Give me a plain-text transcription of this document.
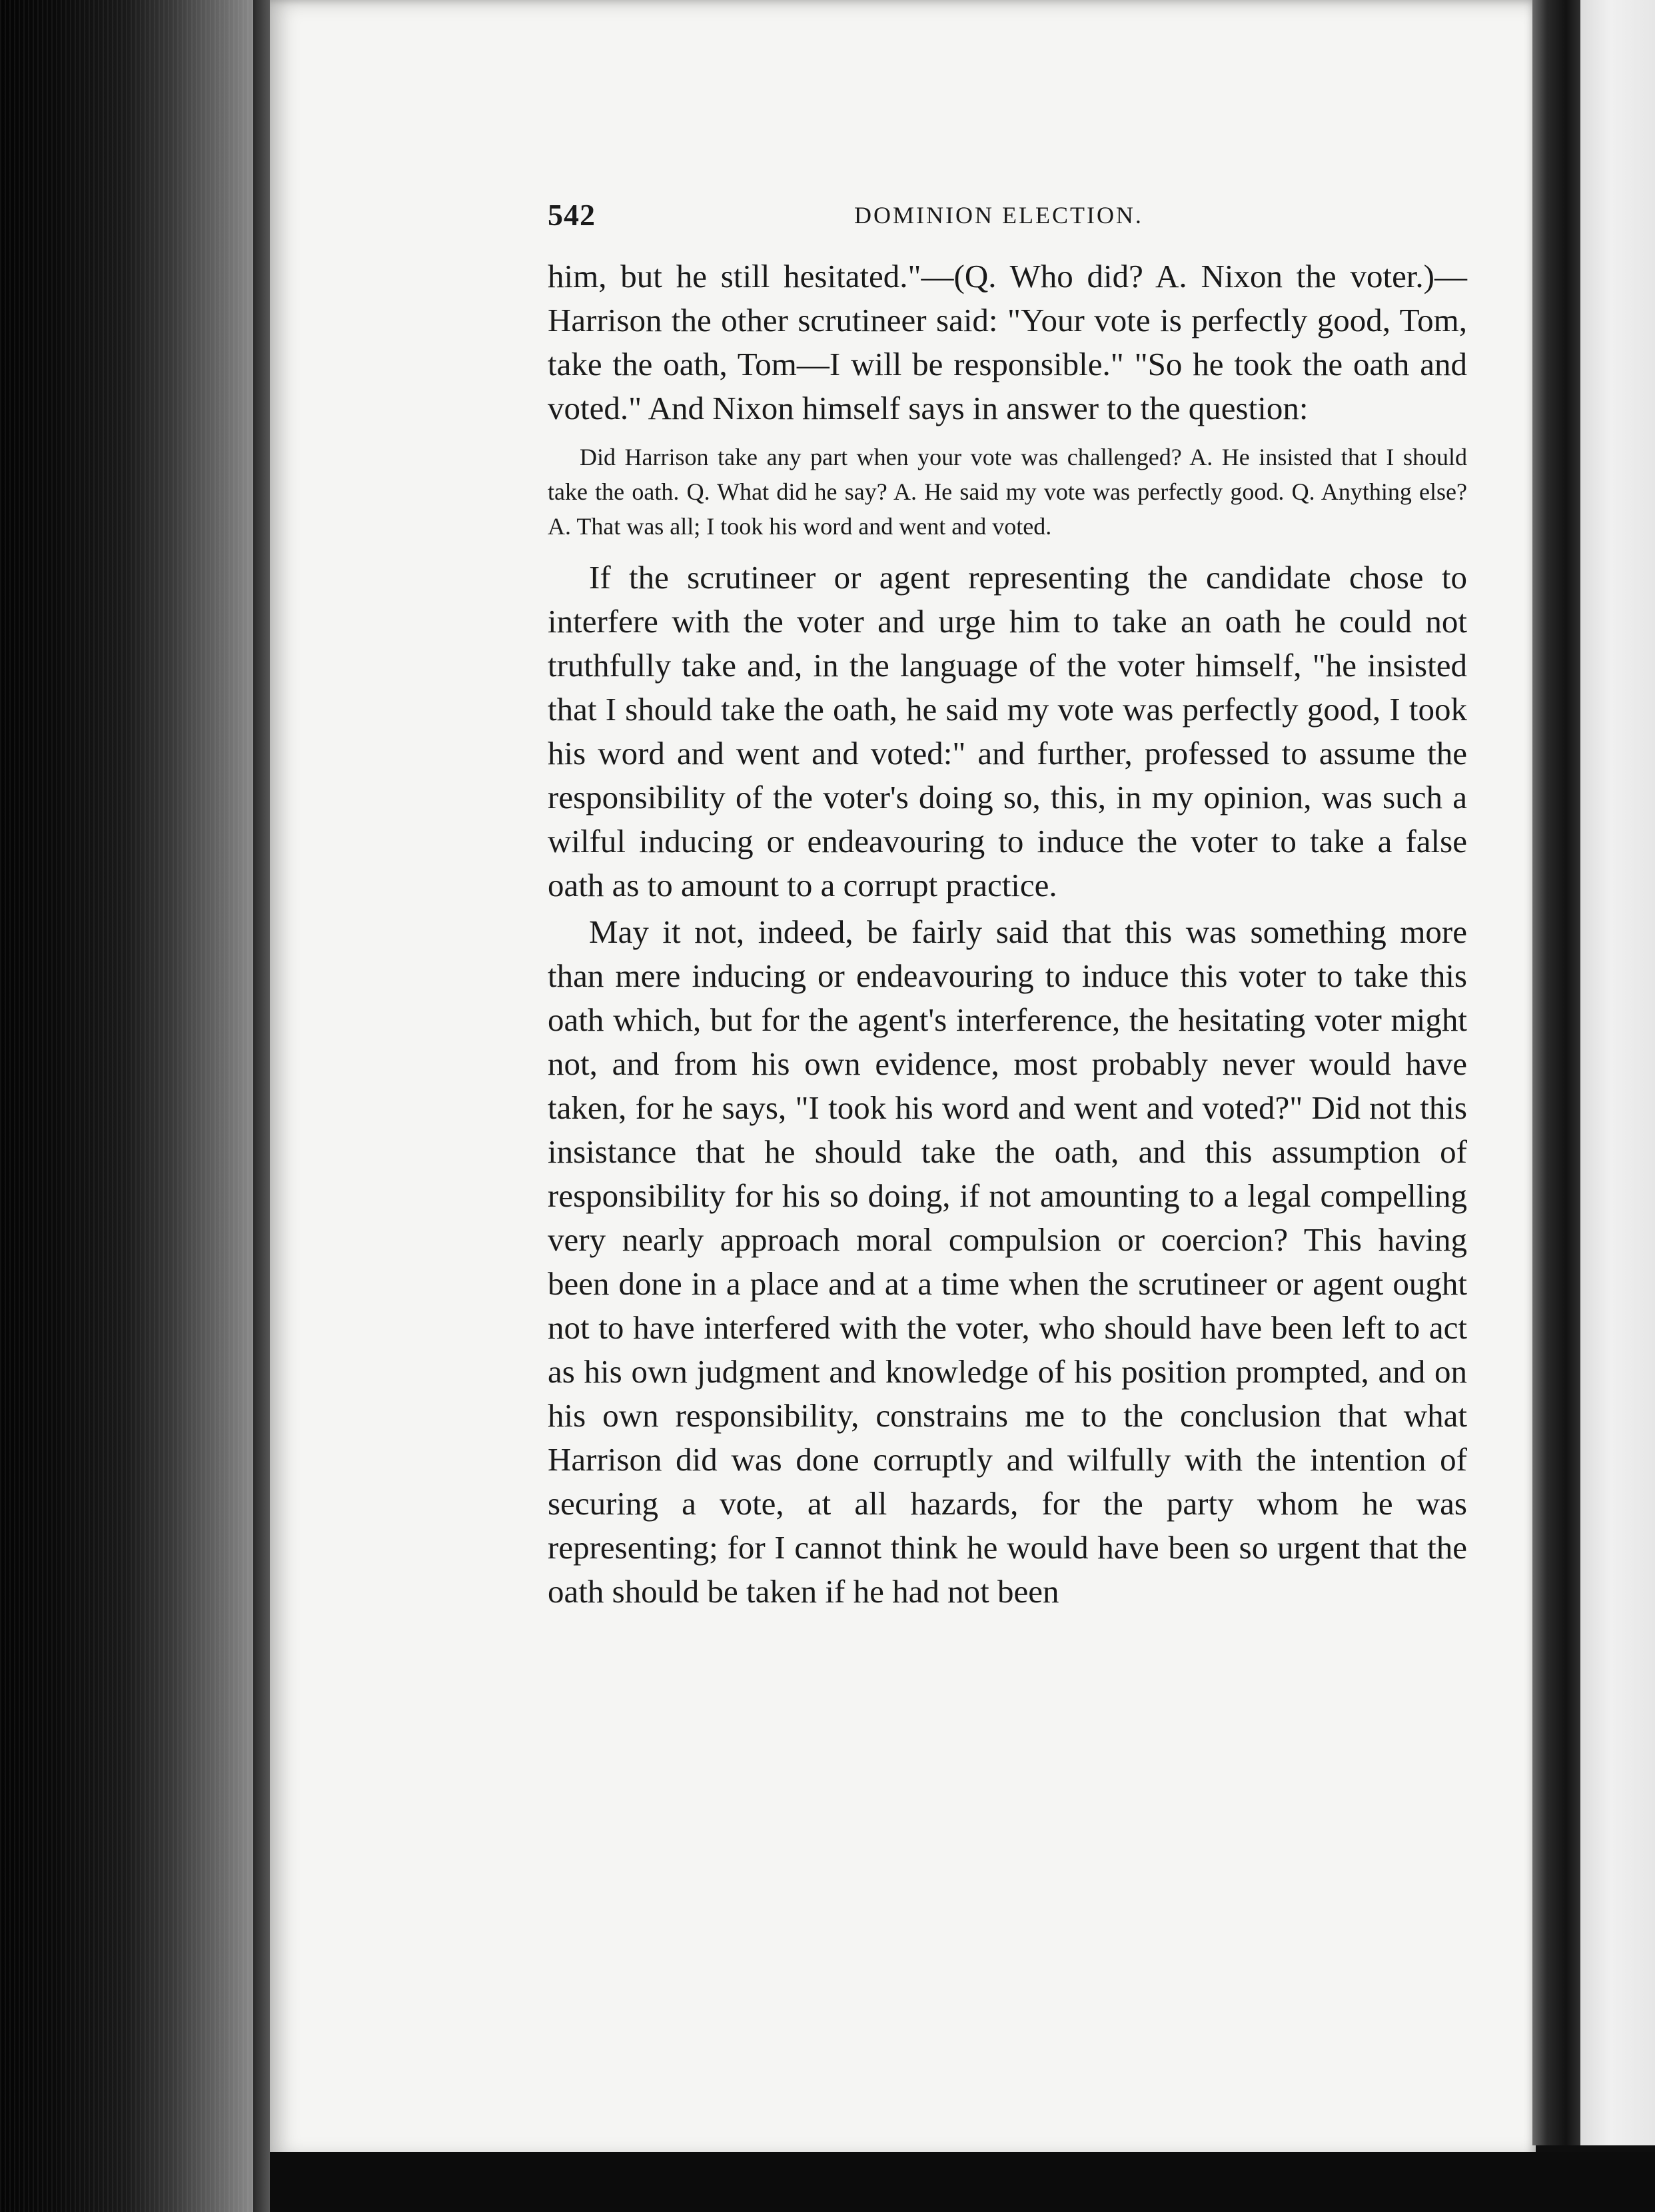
542	DOMINION ELECTION.

him, but he still hesitated."—(Q. Who did? A. Nixon the voter.)—Harrison the other scrutineer said: "Your vote is perfectly good, Tom, take the oath, Tom—I will be responsible." "So he took the oath and voted." And Nixon himself says in answer to the question:

Did Harrison take any part when your vote was challenged? A. He insisted that I should take the oath. Q. What did he say? A. He said my vote was perfectly good. Q. Anything else? A. That was all; I took his word and went and voted.

If the scrutineer or agent representing the candidate chose to interfere with the voter and urge him to take an oath he could not truthfully take and, in the language of the voter himself, "he insisted that I should take the oath, he said my vote was perfectly good, I took his word and went and voted:" and further, professed to assume the responsibility of the voter's doing so, this, in my opinion, was such a wilful inducing or endeavouring to induce the voter to take a false oath as to amount to a corrupt practice.

May it not, indeed, be fairly said that this was something more than mere inducing or endeavouring to induce this voter to take this oath which, but for the agent's interference, the hesitating voter might not, and from his own evidence, most probably never would have taken, for he says, "I took his word and went and voted?" Did not this insistance that he should take the oath, and this assumption of responsibility for his so doing, if not amounting to a legal compelling very nearly approach moral compulsion or coercion? This having been done in a place and at a time when the scrutineer or agent ought not to have interfered with the voter, who should have been left to act as his own judgment and knowledge of his position prompted, and on his own responsibility, constrains me to the conclusion that what Harrison did was done corruptly and wilfully with the intention of securing a vote, at all hazards, for the party whom he was representing; for I cannot think he would have been so urgent that the oath should be taken if he had not been
